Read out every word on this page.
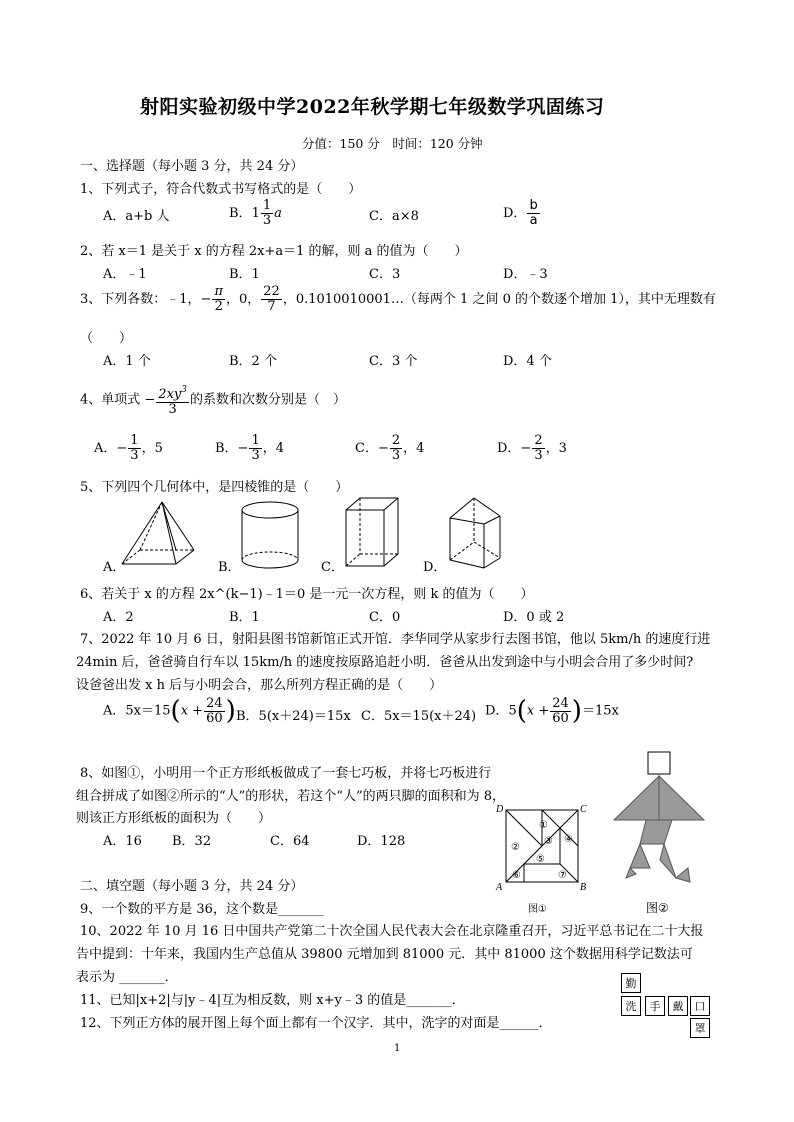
射阳实验初级中学2022年秋学期七年级数学巩固练习
分值：150 分　时间：120 分钟
一、选择题（每小题 3 分，共 24 分）
1、下列式子，符合代数式书写格式的是（　　）
A．a+b 人	B．$1 \frac{1}{3}$ a	C．a×8	D． $\frac{b}{a}$
2、若 x＝1 是关于 x 的方程 2x+a＝1 的解，则 a 的值为（　　）
A．﹣1	B．1	C．3	D．﹣3
3、下列各数：﹣1，− $\frac{\pi}{2}$ ，0， $\frac{22}{7}$ ，0.1010010001…（每两个 1 之间 0 的个数逐个增加 1），其中无理数有
（　　）
A．1 个	B．2 个	C．3 个	D．4 个
4、单项式 − $\frac{2xy^3}{3}$ 的系数和次数分别是（　）
A．− $\frac{1}{3}$ ，5	B．− $\frac{1}{3}$ ，4	C．− $\frac{2}{3}$ ，4	D．− $\frac{2}{3}$ ，3
5、下列四个几何体中，是四棱锥的是（　　）
A．	B．	C．	D．
6、若关于 x 的方程 2x^(k−1)﹣1＝0 是一元一次方程，则 k 的值为（　　）
A．2	B．1	C．0	D．0 或 2
7、2022 年 10 月 6 日，射阳县图书馆新馆正式开馆．李华同学从家步行去图书馆，他以 5km/h 的速度行进
24min 后，爸爸骑自行车以 15km/h 的速度按原路追赶小明．爸爸从出发到途中与小明会合用了多少时间?
设爸爸出发 x h 后与小明会合，那么所列方程正确的是（　　）
A．$5x=15(x + \frac{24}{60}$ ) B．5(x＋24)＝15x C．5x＝15(x＋24) D．$5(x + \frac{24}{60} )=15x$
8、如图①，小明用一个正方形纸板做成了一套七巧板，并将七巧板进行
组合拼成了如图②所示的“人”的形状，若这个“人”的两只脚的面积和为 8，
则该正方形纸板的面积为（　　）
A．16 B．32	C．64	D．128
D	C
A	B
①
②
③ ④
⑤
⑥	⑦
图①	图②
二、填空题（每小题 3 分，共 24 分）
9、一个数的平方是 36，这个数是_______
10、2022 年 10 月 16 日中国共产党第二十次全国人民代表大会在北京隆重召开，习近平总书记在二十大报
告中提到：十年来，我国内生产总值从 39800 元增加到 81000 元．其中 81000 这个数据用科学记数法可
表示为 _______．
11、已知|x+2|与|y﹣4|互为相反数，则 x+y﹣3 的值是_______．
12、下列正方体的展开图上每个面上都有一个汉字．其中，洗字的对面是______．
勤
洗	手	戴	口
罩
1
